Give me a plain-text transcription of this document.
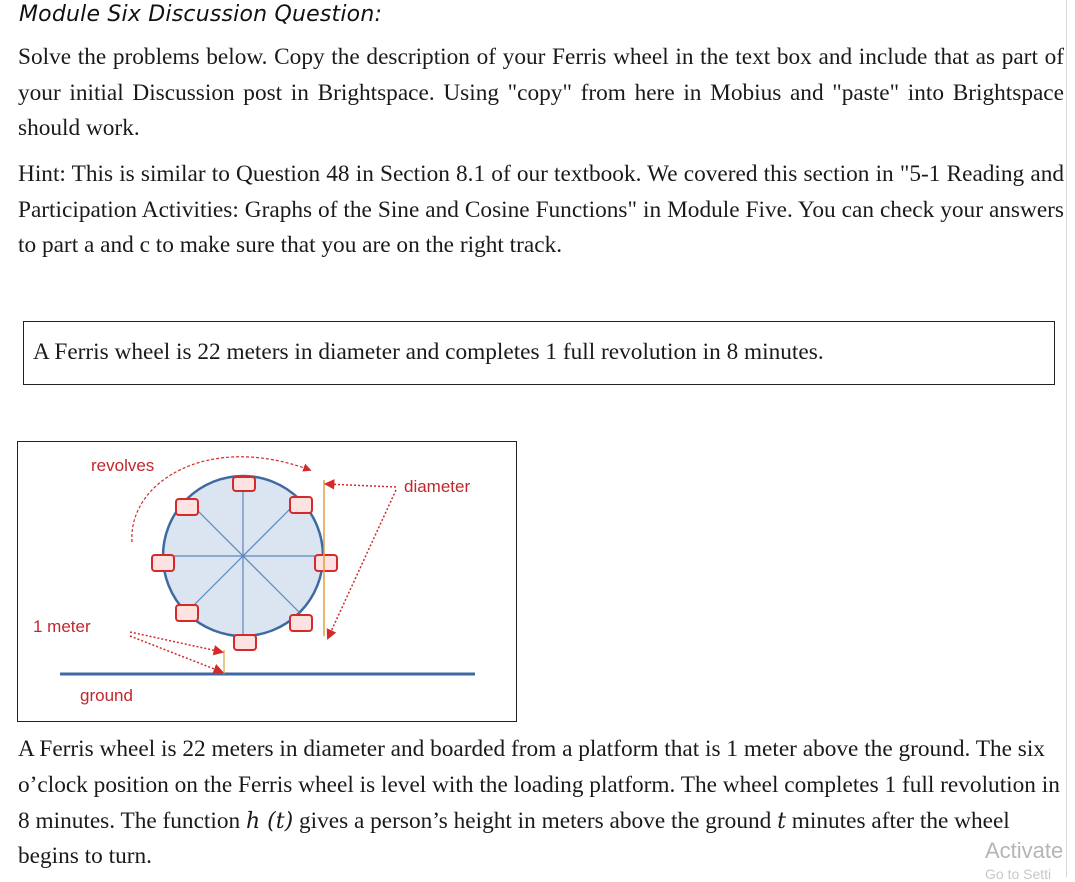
Module Six Discussion Question:
Solve the problems below. Copy the description of your Ferris wheel in the text box and include that as part of your initial Discussion post in Brightspace. Using "copy" from here in Mobius and "paste" into Brightspace should work.
Hint: This is similar to Question 48 in Section 8.1 of our textbook. We covered this section in "5-1 Reading and Participation Activities: Graphs of the Sine and Cosine Functions" in Module Five. You can check your answers to part a and c to make sure that you are on the right track.
A Ferris wheel is 22 meters in diameter and completes 1 full revolution in 8 minutes.
revolves
diameter
1 meter
ground
A Ferris wheel is 22 meters in diameter and boarded from a platform that is 1 meter above the ground. The six o’clock position on the Ferris wheel is level with the loading platform. The wheel completes 1 full revolution in 8 minutes. The function h (t) gives a person’s height in meters above the ground t minutes after the wheel begins to turn.	Activate
Go to Setti
